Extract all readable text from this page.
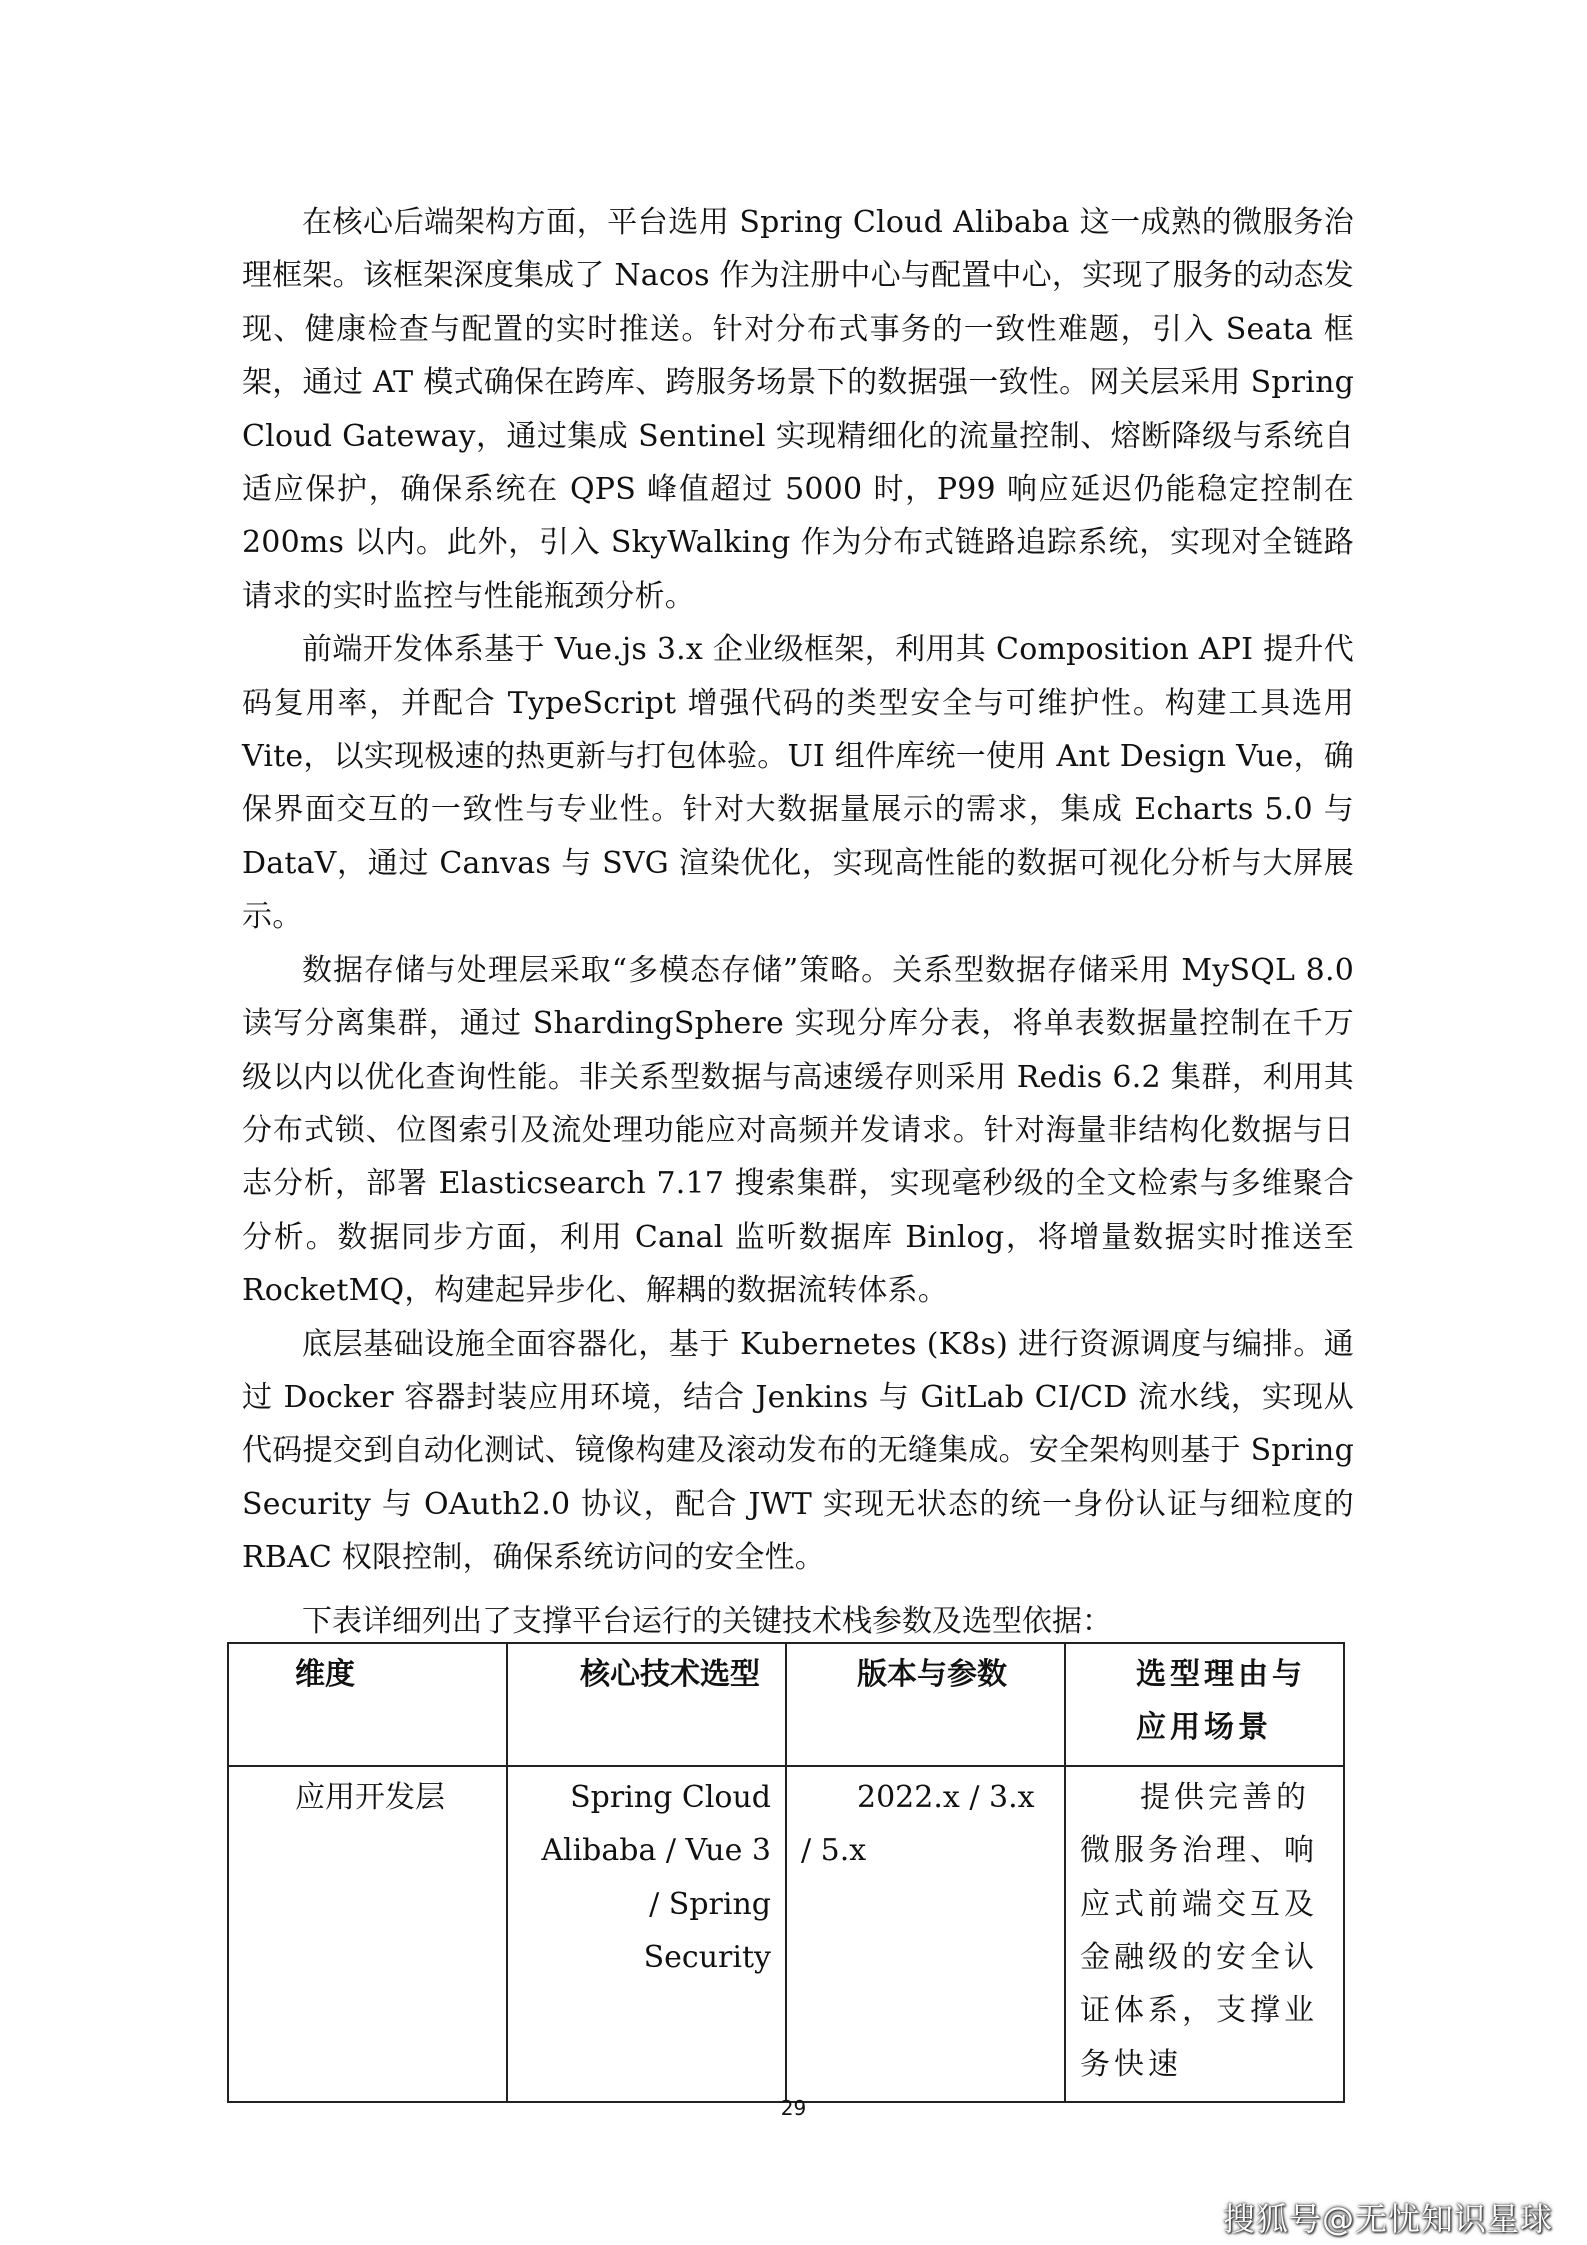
在核心后端架构方面，平台选用 Spring Cloud Alibaba 这一成熟的微服务治理框架。该框架深度集成了 Nacos 作为注册中心与配置中心，实现了服务的动态发现、健康检查与配置的实时推送。针对分布式事务的一致性难题，引入 Seata 框架，通过 AT 模式确保在跨库、跨服务场景下的数据强一致性。网关层采用 Spring Cloud Gateway，通过集成 Sentinel 实现精细化的流量控制、熔断降级与系统自适应保护，确保系统在 QPS 峰值超过 5000 时，P99 响应延迟仍能稳定控制在 200ms 以内。此外，引入 SkyWalking 作为分布式链路追踪系统，实现对全链路请求的实时监控与性能瓶颈分析。

前端开发体系基于 Vue.js 3.x 企业级框架，利用其 Composition API 提升代码复用率，并配合 TypeScript 增强代码的类型安全与可维护性。构建工具选用 Vite，以实现极速的热更新与打包体验。UI 组件库统一使用 Ant Design Vue，确保界面交互的一致性与专业性。针对大数据量展示的需求，集成 Echarts 5.0 与 DataV，通过 Canvas 与 SVG 渲染优化，实现高性能的数据可视化分析与大屏展示。

数据存储与处理层采取“多模态存储”策略。关系型数据存储采用 MySQL 8.0 读写分离集群，通过 ShardingSphere 实现分库分表，将单表数据量控制在千万级以内以优化查询性能。非关系型数据与高速缓存则采用 Redis 6.2 集群，利用其分布式锁、位图索引及流处理功能应对高频并发请求。针对海量非结构化数据与日志分析，部署 Elasticsearch 7.17 搜索集群，实现毫秒级的全文检索与多维聚合分析。数据同步方面，利用 Canal 监听数据库 Binlog，将增量数据实时推送至 RocketMQ，构建起异步化、解耦的数据流转体系。

底层基础设施全面容器化，基于 Kubernetes (K8s) 进行资源调度与编排。通过 Docker 容器封装应用环境，结合 Jenkins 与 GitLab CI/CD 流水线，实现从代码提交到自动化测试、镜像构建及滚动发布的无缝集成。安全架构则基于 Spring Security 与 OAuth2.0 协议，配合 JWT 实现无状态的统一身份认证与细粒度的 RBAC 权限控制，确保系统访问的安全性。

下表详细列出了支撑平台运行的关键技术栈参数及选型依据：

维度	核心技术选型	版本与参数	选型理由与应用场景
应用开发层	Spring Cloud Alibaba / Vue 3 / Spring Security	2022.x / 3.x / 5.x	提供完善的微服务治理、响应式前端交互及金融级的安全认证体系，支撑业务快速
29
搜狐号@无忧知识星球
